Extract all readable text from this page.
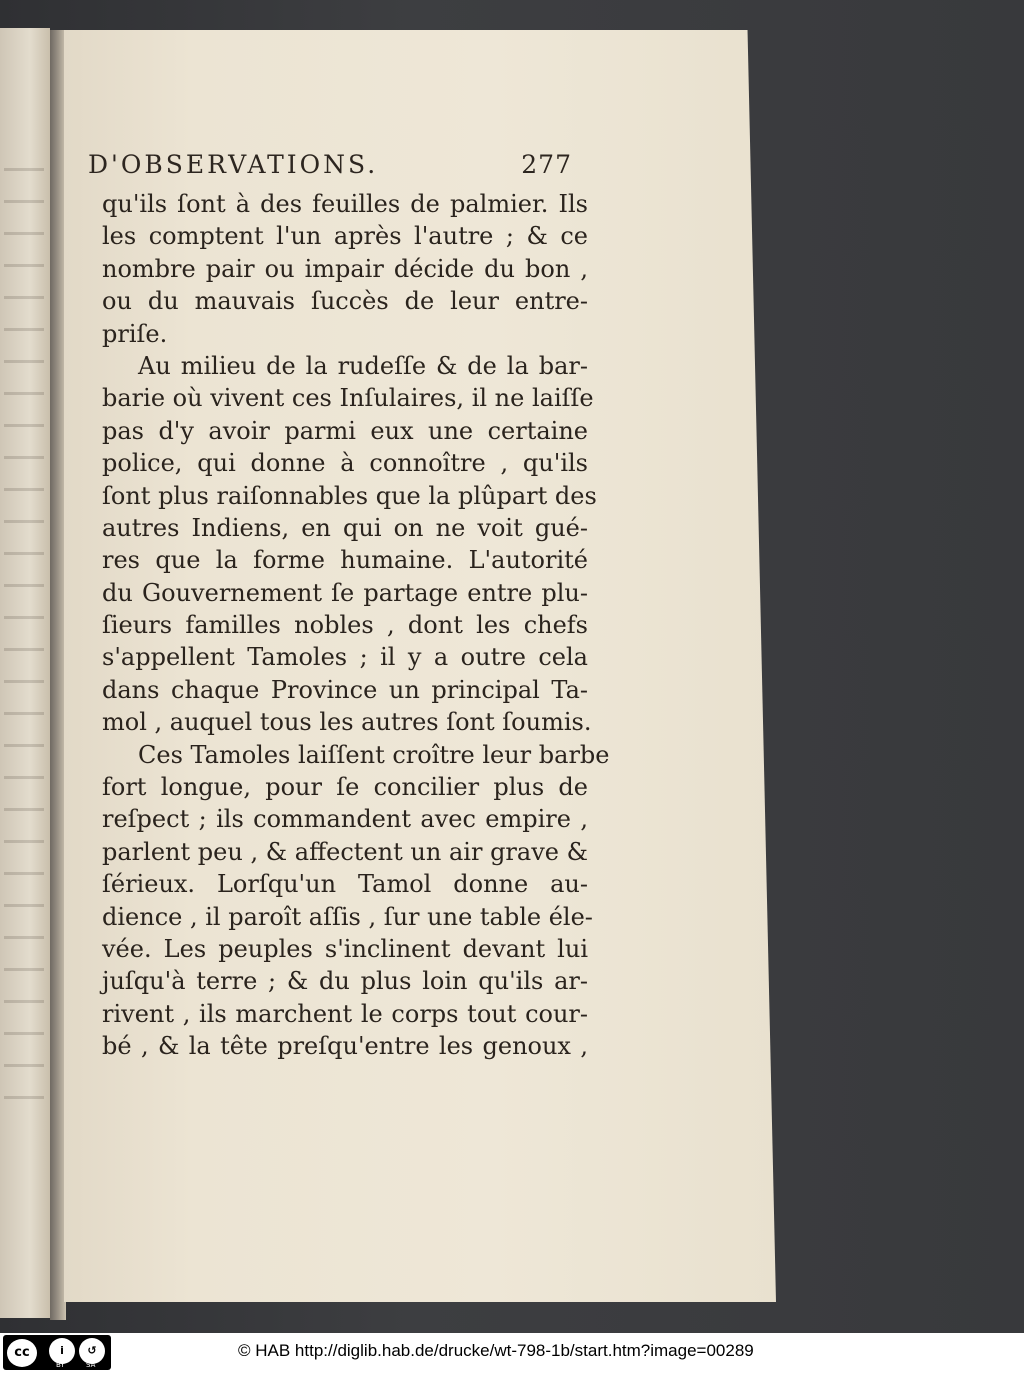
D'OBSERVATIONS.	277
qu'ils ſont à des feuilles de palmier. Ils
les comptent l'un après l'autre ; & ce
nombre pair ou impair décide du bon ,
ou du mauvais ſuccès de leur entre-
priſe.
Au milieu de la rudeſſe & de la bar-
barie où vivent ces Inſulaires, il ne laiſſe
pas d'y avoir parmi eux une certaine
police, qui donne à connoître , qu'ils
ſont plus raiſonnables que la plûpart des
autres Indiens, en qui on ne voit gué-
res que la forme humaine. L'autorité
du Gouvernement ſe partage entre plu-
ſieurs familles nobles , dont les chefs
s'appellent Tamoles ; il y a outre cela
dans chaque Province un principal Ta-
mol , auquel tous les autres ſont ſoumis.
Ces Tamoles laiſſent croître leur barbe
fort longue, pour ſe concilier plus de
reſpect ; ils commandent avec empire ,
parlent peu , & affectent un air grave &
ſérieux. Lorſqu'un Tamol donne au-
dience , il paroît aſſis , ſur une table éle-
vée. Les peuples s'inclinent devant lui
juſqu'à terre ; & du plus loin qu'ils ar-
rivent , ils marchent le corps tout cour-
bé , & la tête preſqu'entre les genoux ,
cc	i	↺
BY	SA
© HAB http://diglib.hab.de/drucke/wt-798-1b/start.htm?image=00289
